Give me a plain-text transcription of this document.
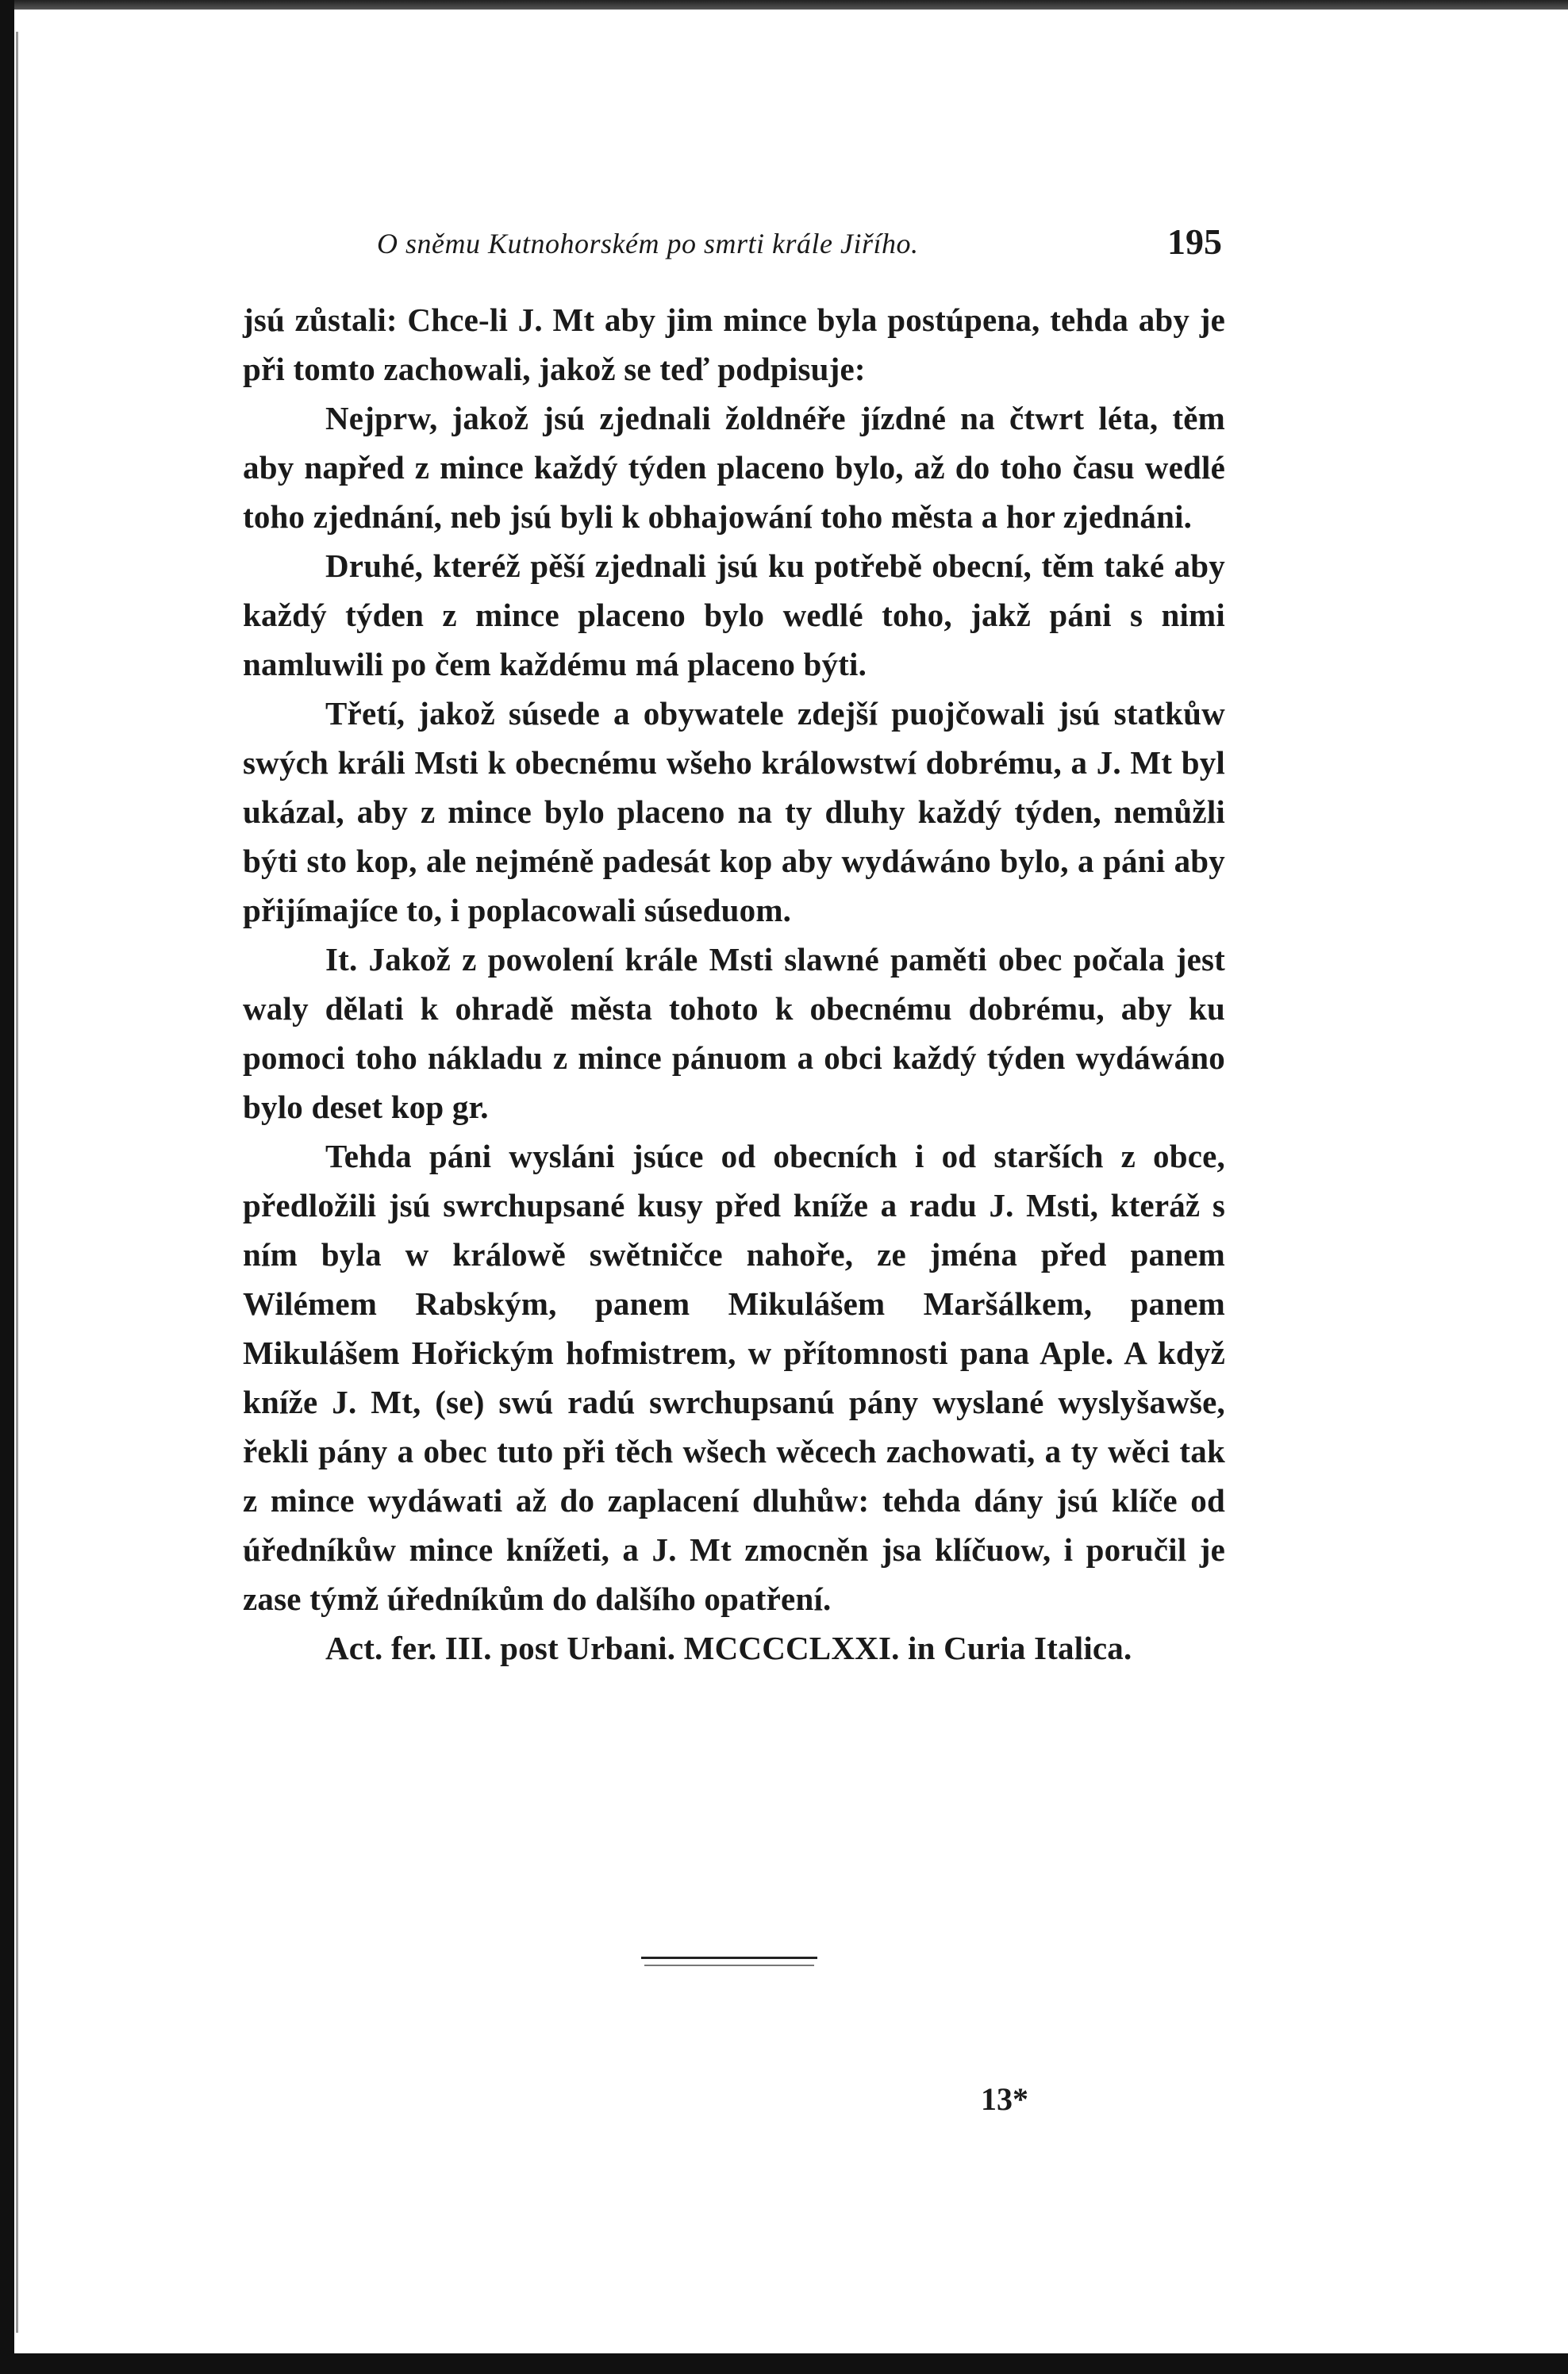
O sněmu Kutnohorském po smrti krále Jiřího.	195

jsú zůstali: Chce-li J. Mt aby jim mince byla postúpena, tehda aby je při tomto zachowali, jakož se teď podpisuje:

Nejprw, jakož jsú zjednali žoldnéře jízdné na čtwrt léta, těm aby napřed z mince každý týden placeno bylo, až do toho času wedlé toho zjednání, neb jsú byli k obhajowání toho města a hor zjednáni.

Druhé, kteréž pěší zjednali jsú ku potřebě obecní, těm také aby každý týden z mince placeno bylo wedlé toho, jakž páni s nimi namluwili po čem každému má placeno býti.

Třetí, jakož súsede a obywatele zdejší puojčowali jsú statkůw swých králi Msti k obecnému wšeho králowstwí dobrému, a J. Mt byl ukázal, aby z mince bylo placeno na ty dluhy každý týden, nemůžli býti sto kop, ale nejméně padesát kop aby wydáwáno bylo, a páni aby přijímajíce to, i poplacowali súseduom.

It. Jakož z powolení krále Msti slawné paměti obec počala jest waly dělati k ohradě města tohoto k obecnému dobrému, aby ku pomoci toho nákladu z mince pánuom a obci každý týden wydáwáno bylo deset kop gr.

Tehda páni wysláni jsúce od obecních i od starších z obce, předložili jsú swrchupsané kusy před kníže a radu J. Msti, kteráž s ním byla w králowě swětničce nahoře, ze jména před panem Wilémem Rabským, panem Mikulášem Maršálkem, panem Mikulášem Hořickým hofmistrem, w přítomnosti pana Aple. A když kníže J. Mt, (se) swú radú swrchupsanú pány wyslané wyslyšawše, řekli pány a obec tuto při těch wšech wěcech zachowati, a ty wěci tak z mince wydáwati až do zaplacení dluhůw: tehda dány jsú klíče od úředníkůw mince knížeti, a J. Mt zmocněn jsa klíčuow, i poručil je zase týmž úředníkům do dalšího opatření.

Act. fer. III. post Urbani. MCCCCLXXI. in Curia Italica.

13*
